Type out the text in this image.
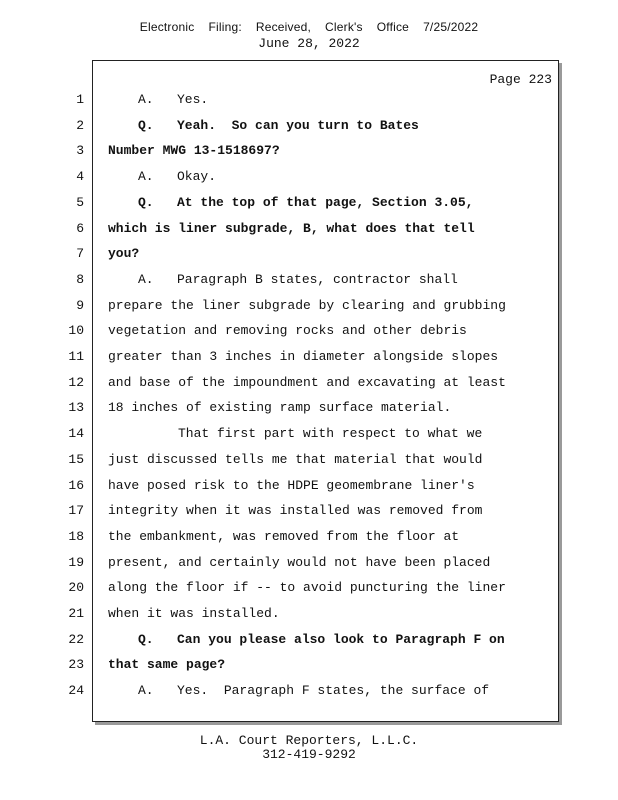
Electronic Filing: Received, Clerk's Office 7/25/2022
June 28, 2022
Page 223
1	A.   Yes.
2	Q.   Yeah.  So can you turn to Bates
3 Number MWG 13-1518697?
4	A.   Okay.
5	Q.   At the top of that page, Section 3.05,
6 which is liner subgrade, B, what does that tell
7 you?
8	A.   Paragraph B states, contractor shall
9 prepare the liner subgrade by clearing and grubbing
10 vegetation and removing rocks and other debris
11 greater than 3 inches in diameter alongside slopes
12 and base of the impoundment and excavating at least
13 18 inches of existing ramp surface material.
14	That first part with respect to what we
15 just discussed tells me that material that would
16 have posed risk to the HDPE geomembrane liner's
17 integrity when it was installed was removed from
18 the embankment, was removed from the floor at
19 present, and certainly would not have been placed
20 along the floor if -- to avoid puncturing the liner
21 when it was installed.
22	Q.   Can you please also look to Paragraph F on
23 that same page?
24	A.   Yes.  Paragraph F states, the surface of
L.A. Court Reporters, L.L.C.
312-419-9292
